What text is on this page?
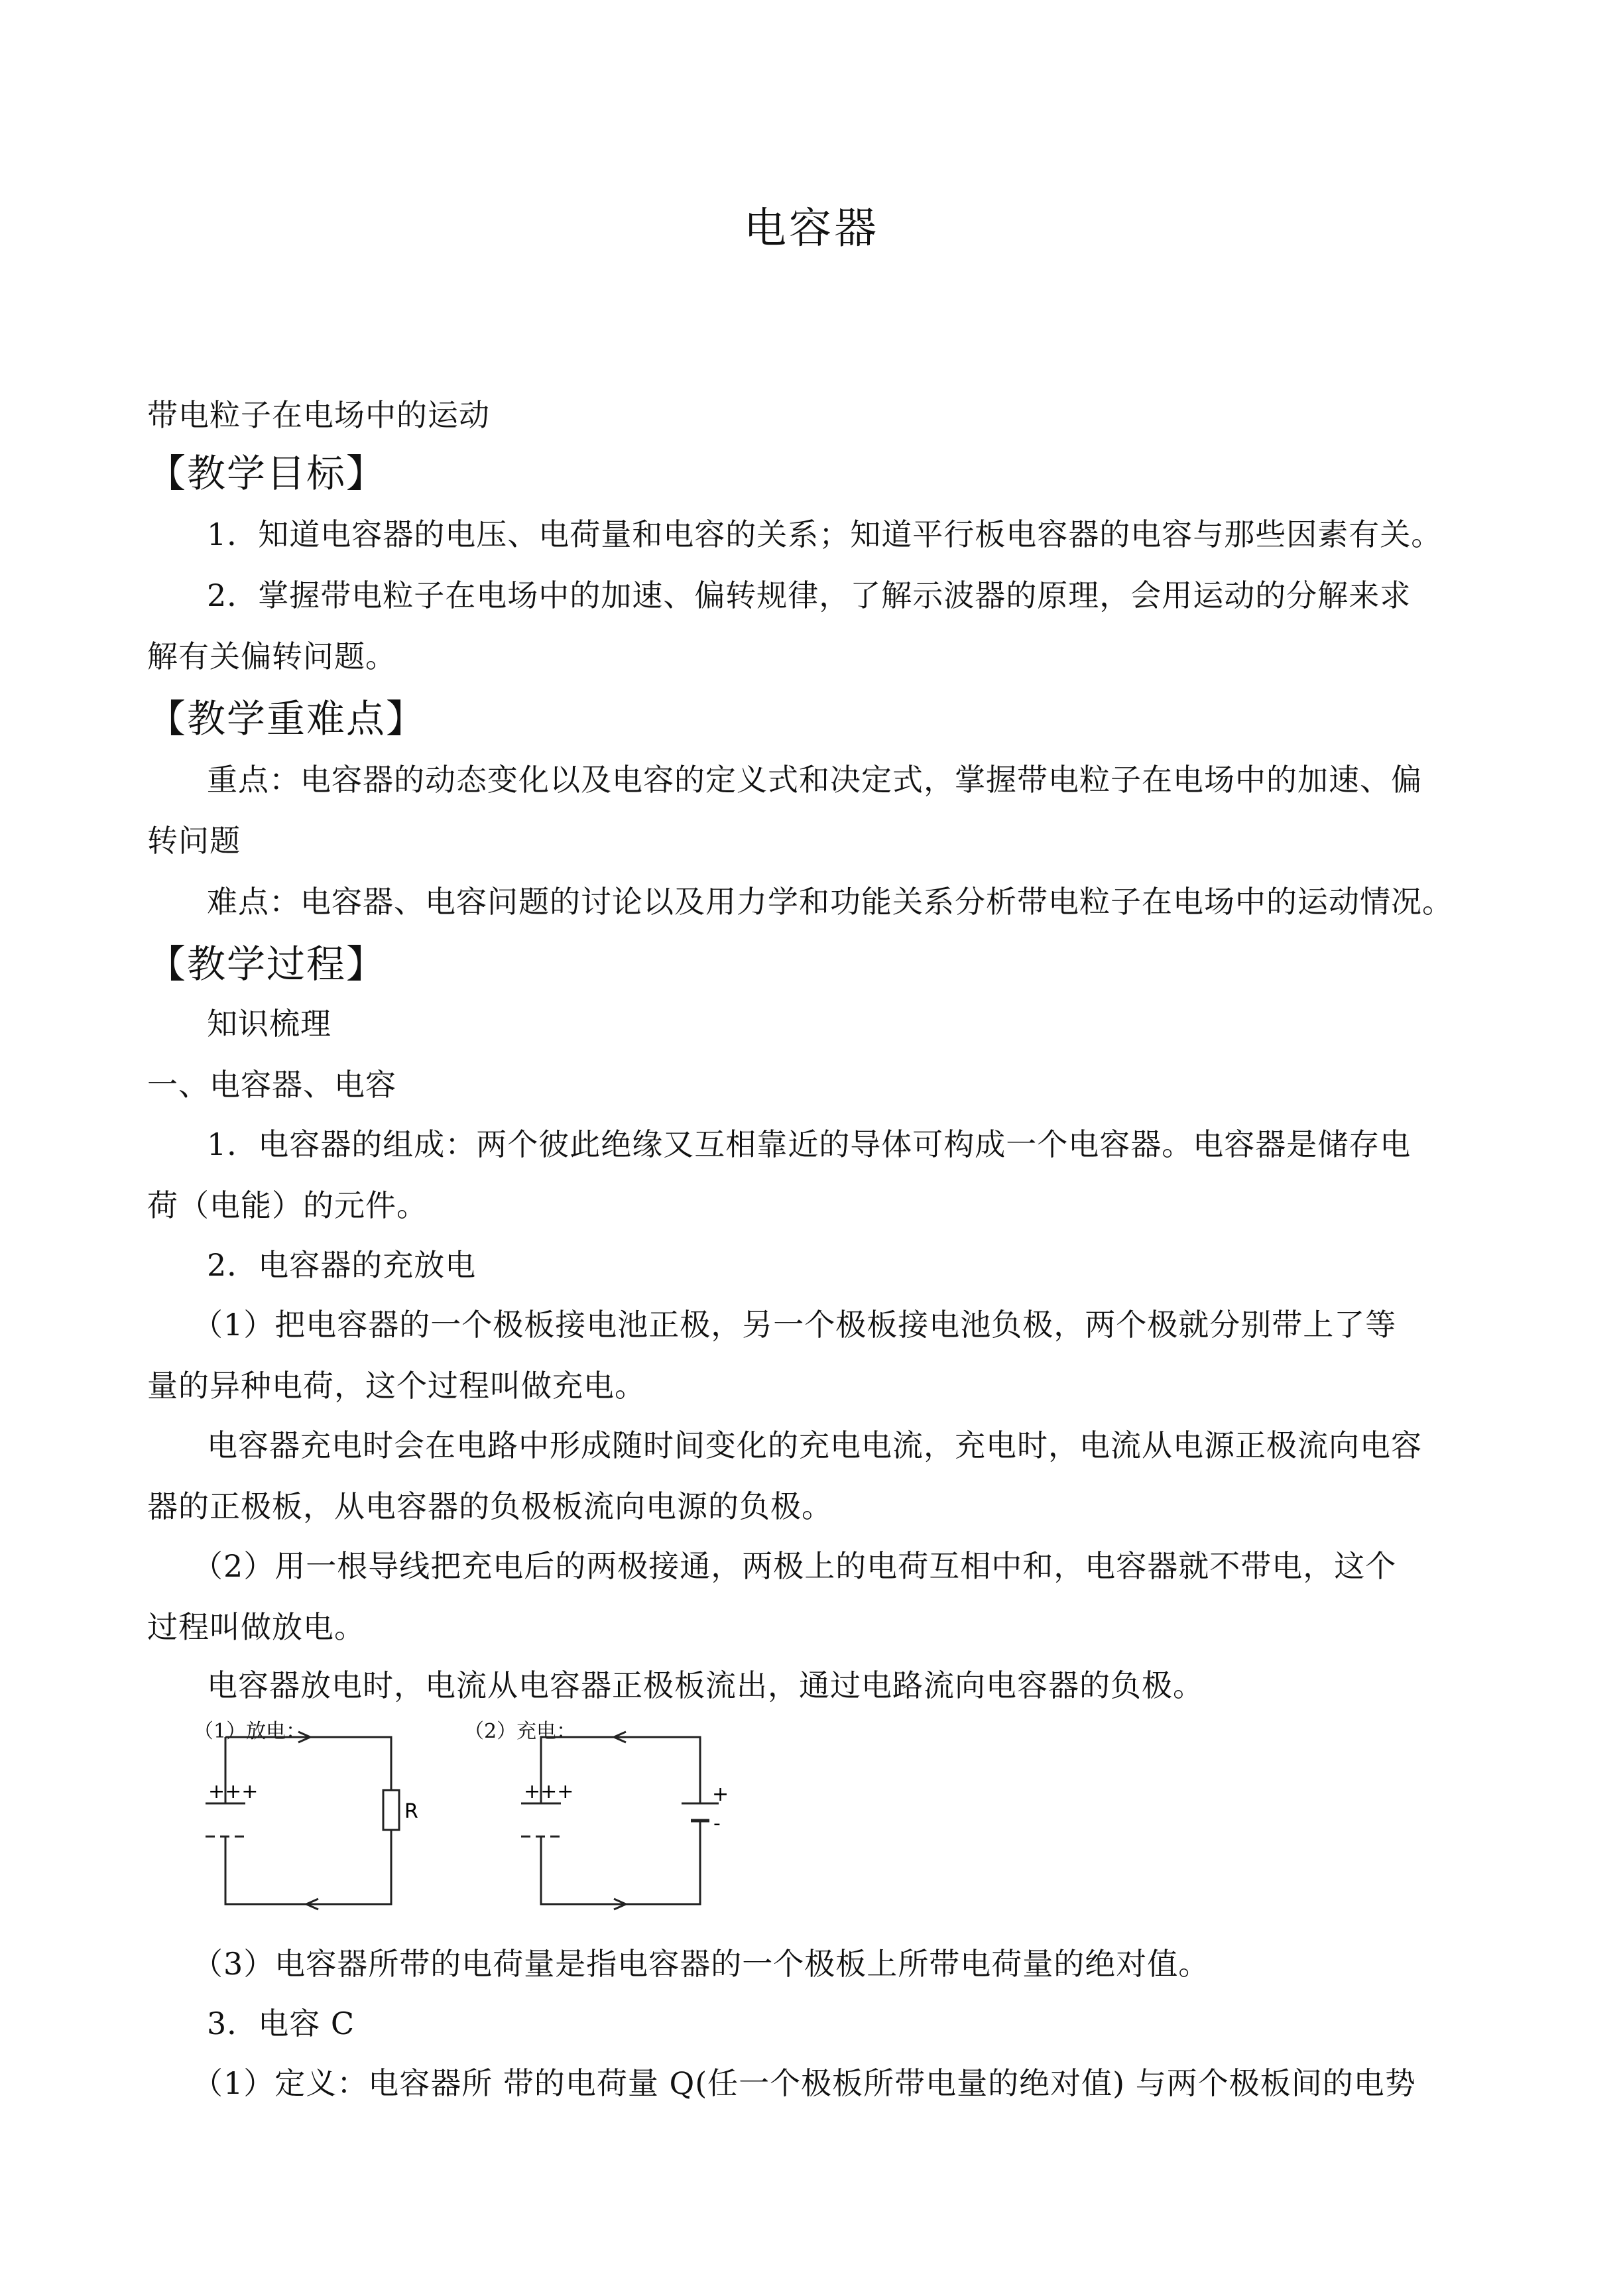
电容器
带电粒子在电场中的运动
【教学目标】
1．知道电容器的电压、电荷量和电容的关系；知道平行板电容器的电容与那些因素有关。
2．掌握带电粒子在电场中的加速、偏转规律，了解示波器的原理，会用运动的分解来求
解有关偏转问题。
【教学重难点】
重点：电容器的动态变化以及电容的定义式和决定式，掌握带电粒子在电场中的加速、偏
转问题
难点：电容器、电容问题的讨论以及用力学和功能关系分析带电粒子在电场中的运动情况。
【教学过程】
知识梳理
一、电容器、电容
1．电容器的组成：两个彼此绝缘又互相靠近的导体可构成一个电容器。电容器是储存电
荷（电能）的元件。
2．电容器的充放电
（1）把电容器的一个极板接电池正极，另一个极板接电池负极，两个极就分别带上了等
量的异种电荷，这个过程叫做充电。
电容器充电时会在电路中形成随时间变化的充电电流，充电时，电流从电源正极流向电容
器的正极板，从电容器的负极板流向电源的负极。
（2）用一根导线把充电后的两极接通，两极上的电荷互相中和，电容器就不带电，这个
过程叫做放电。
电容器放电时，电流从电容器正极板流出，通过电路流向电容器的负极。
（1）放电：	（2）充电：
+++
R
+++	+
-
（3）电容器所带的电荷量是指电容器的一个极板上所带电荷量的绝对值。
3．电容 C
（1）定义：电容器所 带的电荷量 Q(任一个极板所带电量的绝对值) 与两个极板间的电势
